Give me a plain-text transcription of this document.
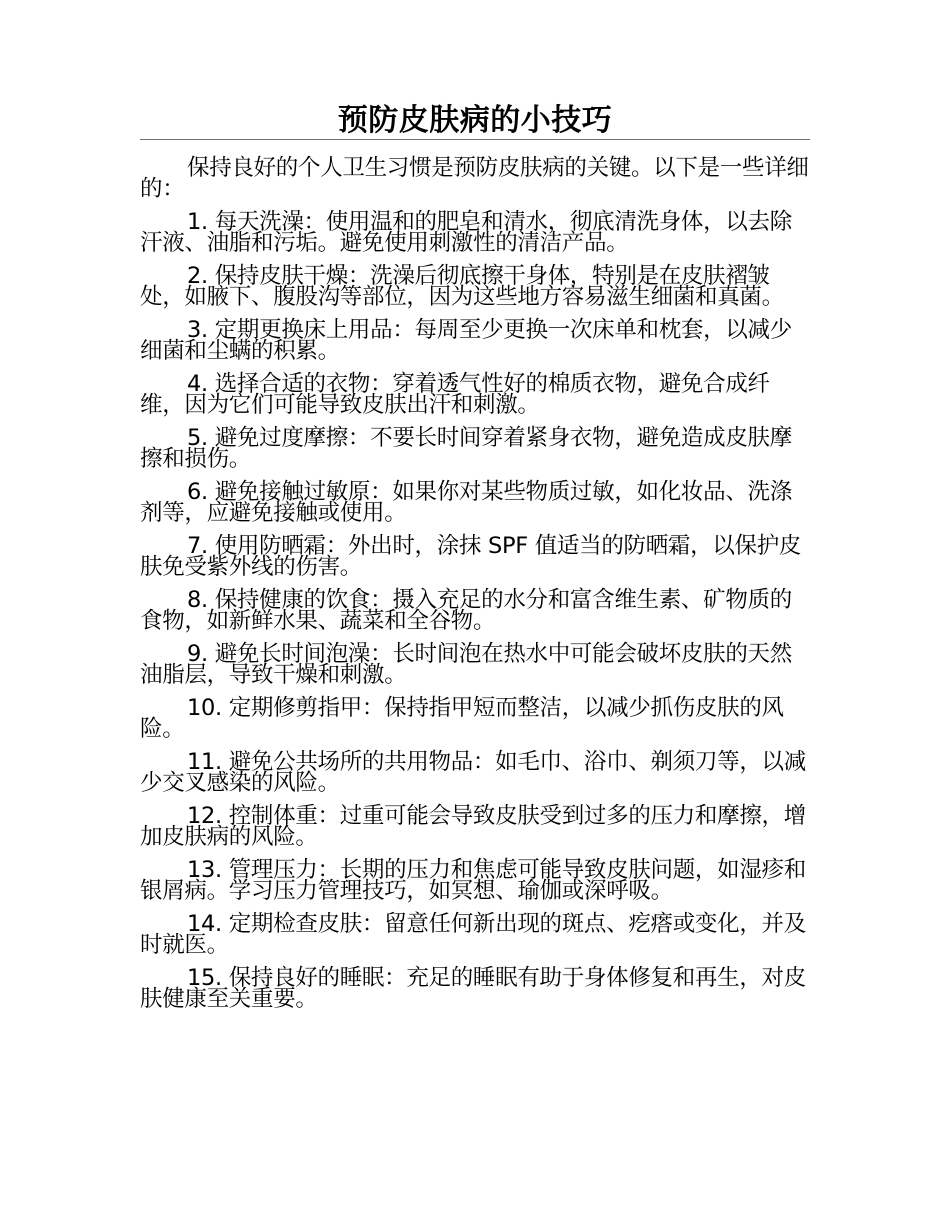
预防皮肤病的小技巧

保持良好的个人卫生习惯是预防皮肤病的关键。以下是一些详细的：

1. 每天洗澡：使用温和的肥皂和清水，彻底清洗身体，以去除汗液、油脂和污垢。避免使用刺激性的清洁产品。

2. 保持皮肤干燥：洗澡后彻底擦干身体，特别是在皮肤褶皱处，如腋下、腹股沟等部位，因为这些地方容易滋生细菌和真菌。

3. 定期更换床上用品：每周至少更换一次床单和枕套，以减少细菌和尘螨的积累。

4. 选择合适的衣物：穿着透气性好的棉质衣物，避免合成纤维，因为它们可能导致皮肤出汗和刺激。

5. 避免过度摩擦：不要长时间穿着紧身衣物，避免造成皮肤摩擦和损伤。

6. 避免接触过敏原：如果你对某些物质过敏，如化妆品、洗涤剂等，应避免接触或使用。

7. 使用防晒霜：外出时，涂抹 SPF 值适当的防晒霜，以保护皮肤免受紫外线的伤害。

8. 保持健康的饮食：摄入充足的水分和富含维生素、矿物质的食物，如新鲜水果、蔬菜和全谷物。

9. 避免长时间泡澡：长时间泡在热水中可能会破坏皮肤的天然油脂层，导致干燥和刺激。

10. 定期修剪指甲：保持指甲短而整洁，以减少抓伤皮肤的风险。

11. 避免公共场所的共用物品：如毛巾、浴巾、剃须刀等，以减少交叉感染的风险。

12. 控制体重：过重可能会导致皮肤受到过多的压力和摩擦，增加皮肤病的风险。

13. 管理压力：长期的压力和焦虑可能导致皮肤问题，如湿疹和银屑病。学习压力管理技巧，如冥想、瑜伽或深呼吸。

14. 定期检查皮肤：留意任何新出现的斑点、疙瘩或变化，并及时就医。

15. 保持良好的睡眠：充足的睡眠有助于身体修复和再生，对皮肤健康至关重要。
